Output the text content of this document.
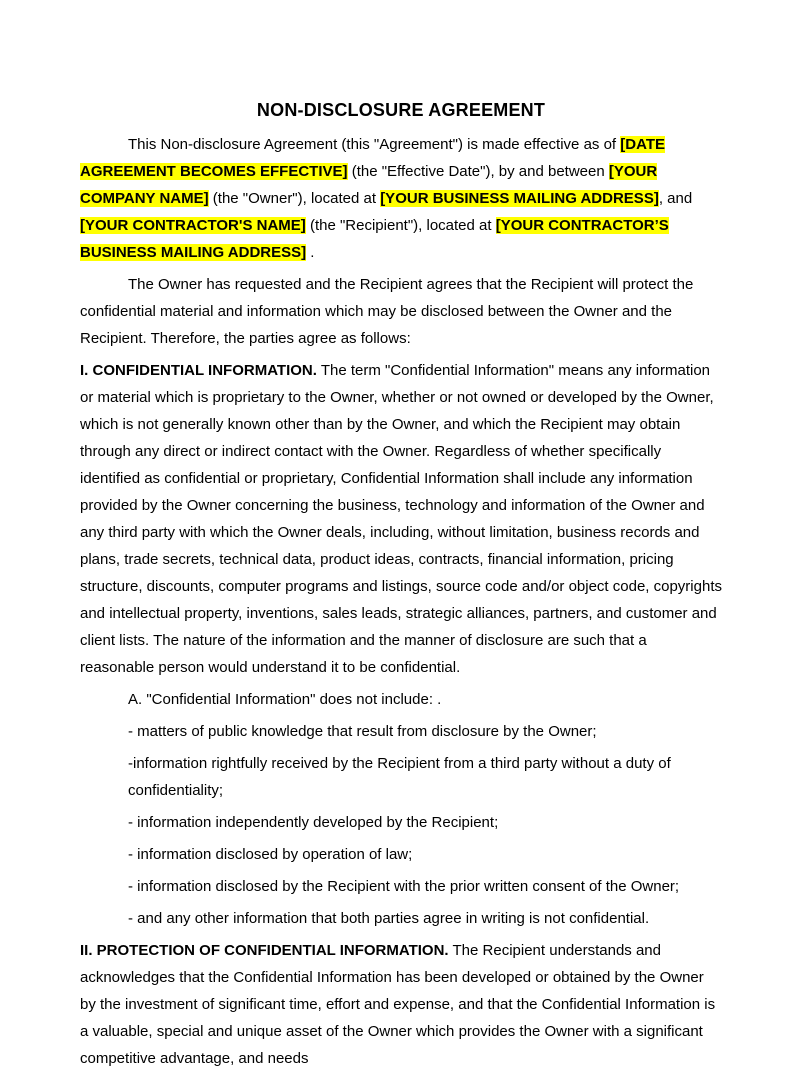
NON-DISCLOSURE AGREEMENT

This Non-disclosure Agreement (this "Agreement") is made effective as of [DATE AGREEMENT BECOMES EFFECTIVE] (the "Effective Date"), by and between [YOUR COMPANY NAME] (the "Owner"), located at [YOUR BUSINESS MAILING ADDRESS], and [YOUR CONTRACTOR'S NAME] (the "Recipient"), located at [YOUR CONTRACTOR’S BUSINESS MAILING ADDRESS] .

The Owner has requested and the Recipient agrees that the Recipient will protect the confidential material and information which may be disclosed between the Owner and the Recipient. Therefore, the parties agree as follows:

I. CONFIDENTIAL INFORMATION. The term "Confidential Information" means any information or material which is proprietary to the Owner, whether or not owned or developed by the Owner, which is not generally known other than by the Owner, and which the Recipient may obtain through any direct or indirect contact with the Owner. Regardless of whether specifically identified as confidential or proprietary, Confidential Information shall include any information provided by the Owner concerning the business, technology and information of the Owner and any third party with which the Owner deals, including, without limitation, business records and plans, trade secrets, technical data, product ideas, contracts, financial information, pricing structure, discounts, computer programs and listings, source code and/or object code, copyrights and intellectual property, inventions, sales leads, strategic alliances, partners, and customer and client lists. The nature of the information and the manner of disclosure are such that a reasonable person would understand it to be confidential.

A. "Confidential Information" does not include: .

- matters of public knowledge that result from disclosure by the Owner;

-information rightfully received by the Recipient from a third party without a duty of confidentiality;

- information independently developed by the Recipient;

- information disclosed by operation of law;

- information disclosed by the Recipient with the prior written consent of the Owner;

- and any other information that both parties agree in writing is not confidential.

II. PROTECTION OF CONFIDENTIAL INFORMATION. The Recipient understands and acknowledges that the Confidential Information has been developed or obtained by the Owner by the investment of significant time, effort and expense, and that the Confidential Information is a valuable, special and unique asset of the Owner which provides the Owner with a significant competitive advantage, and needs
